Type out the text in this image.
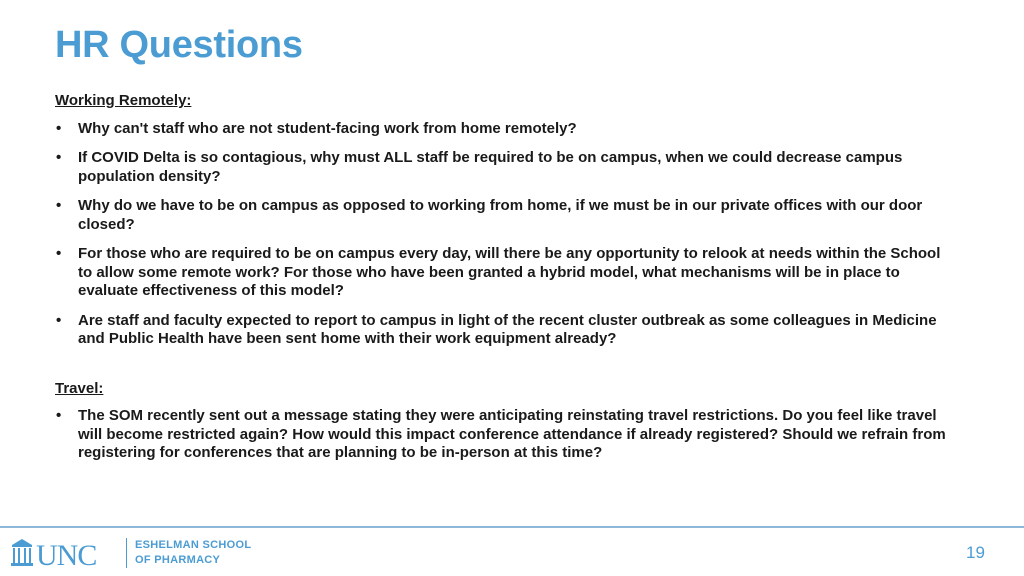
HR Questions
Working Remotely:
• Why can't staff who are not student-facing work from home remotely?
• If COVID Delta is so contagious, why must ALL staff be required to be on campus, when we could decrease campus population density?
• Why do we have to be on campus as opposed to working from home, if we must be in our private offices with our door closed?
• For those who are required to be on campus every day, will there be any opportunity to relook at needs within the School to allow some remote work? For those who have been granted a hybrid model, what mechanisms will be in place to evaluate effectiveness of this model?
• Are staff and faculty expected to report to campus in light of the recent cluster outbreak as some colleagues in Medicine and Public Health have been sent home with their work equipment already?
Travel:
• The SOM recently sent out a message stating they were anticipating reinstating travel restrictions. Do you feel like travel will become restricted again? How would this impact conference attendance if already registered? Should we refrain from registering for conferences that are planning to be in-person at this time?
UNC	ESHELMAN SCHOOL
OF PHARMACY	19
